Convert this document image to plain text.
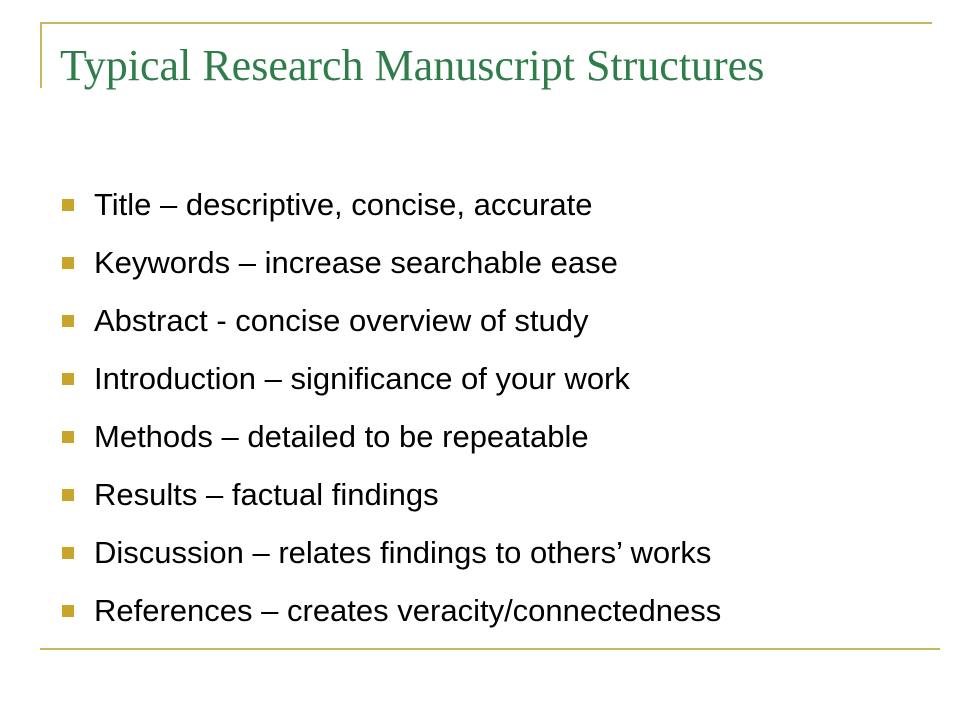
Typical Research Manuscript Structures
Title – descriptive, concise, accurate
Keywords – increase searchable ease
Abstract - concise overview of study
Introduction – significance of your work
Methods – detailed to be repeatable
Results – factual findings
Discussion – relates findings to others’ works
References – creates veracity/connectedness
